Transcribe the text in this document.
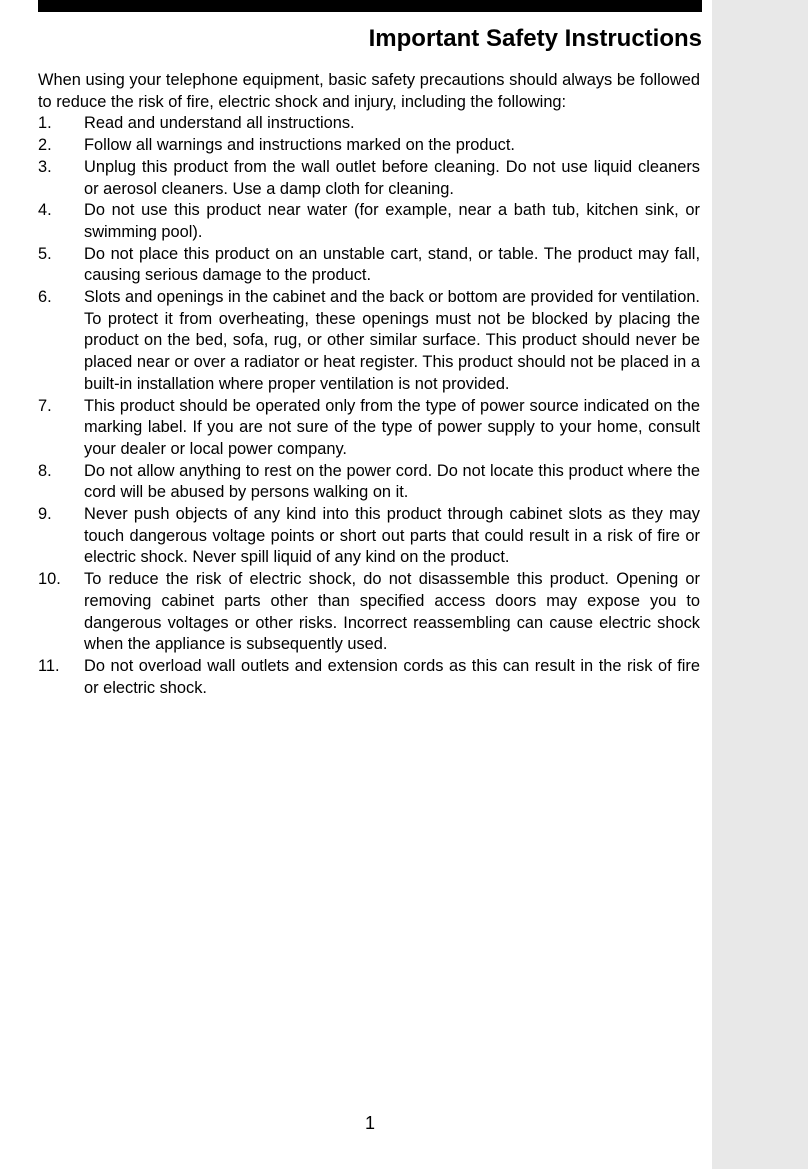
Important Safety Instructions

When using your telephone equipment, basic safety precautions should always be followed to reduce the risk of fire, electric shock and injury, including the following:

1.	Read and understand all instructions.
2.	Follow all warnings and instructions marked on the product.
3.	Unplug this product from the wall outlet before cleaning. Do not use liquid cleaners or aerosol cleaners. Use a damp cloth for cleaning.
4.	Do not use this product near water (for example, near a bath tub, kitchen sink, or swimming pool).
5.	Do not place this product on an unstable cart, stand, or table. The product may fall, causing serious damage to the product.
6.	Slots and openings in the cabinet and the back or bottom are provided for ventilation. To protect it from overheating, these openings must not be blocked by placing the product on the bed, sofa, rug, or other similar surface. This product should never be placed near or over a radiator or heat register. This product should not be placed in a built-in installation where proper ventilation is not provided.
7.	This product should be operated only from the type of power source indicated on the marking label. If you are not sure of the type of power supply to your home, consult your dealer or local power company.
8.	Do not allow anything to rest on the power cord. Do not locate this product where the cord will be abused by persons walking on it.
9.	Never push objects of any kind into this product through cabinet slots as they may touch dangerous voltage points or short out parts that could result in a risk of fire or electric shock. Never spill liquid of any kind on the product.
10.	To reduce the risk of electric shock, do not disassemble this product. Opening or removing cabinet parts other than specified access doors may expose you to dangerous voltages or other risks. Incorrect reassembling can cause electric shock when the appliance is subsequently used.
11.	Do not overload wall outlets and extension cords as this can result in the risk of fire or electric shock.
1
